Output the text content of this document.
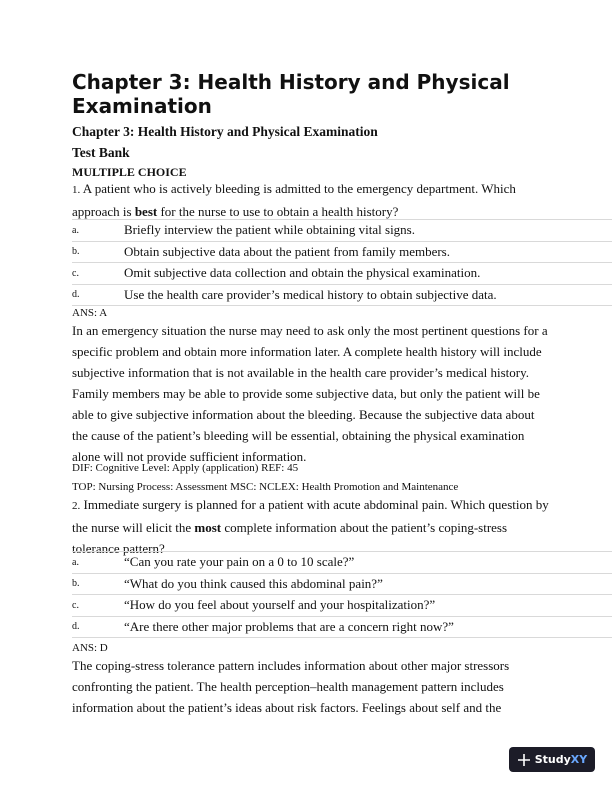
Chapter 3: Health History and Physical Examination
Chapter 3: Health History and Physical Examination
Test Bank
MULTIPLE CHOICE
1. A patient who is actively bleeding is admitted to the emergency department. Which approach is best for the nurse to use to obtain a health history?
a.	Briefly interview the patient while obtaining vital signs.
b.	Obtain subjective data about the patient from family members.
c.	Omit subjective data collection and obtain the physical examination.
d.	Use the health care provider’s medical history to obtain subjective data.
ANS: A
In an emergency situation the nurse may need to ask only the most pertinent questions for a specific problem and obtain more information later. A complete health history will include subjective information that is not available in the health care provider’s medical history. Family members may be able to provide some subjective data, but only the patient will be able to give subjective information about the bleeding. Because the subjective data about the cause of the patient’s bleeding will be essential, obtaining the physical examination alone will not provide sufficient information.
DIF: Cognitive Level: Apply (application) REF: 45
TOP: Nursing Process: Assessment MSC: NCLEX: Health Promotion and Maintenance
2. Immediate surgery is planned for a patient with acute abdominal pain. Which question by the nurse will elicit the most complete information about the patient’s coping-stress tolerance pattern?
a.	“Can you rate your pain on a 0 to 10 scale?”
b.	“What do you think caused this abdominal pain?”
c.	“How do you feel about yourself and your hospitalization?”
d.	“Are there other major problems that are a concern right now?”
ANS: D
The coping-stress tolerance pattern includes information about other major stressors confronting the patient. The health perception–health management pattern includes information about the patient’s ideas about risk factors. Feelings about self and the
StudyXY
